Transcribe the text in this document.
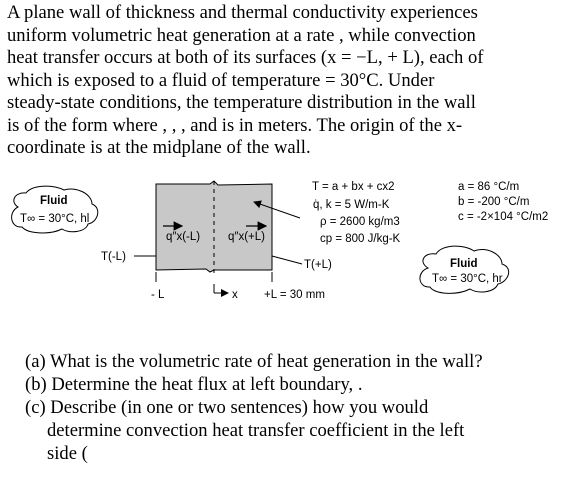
A plane wall of thickness and thermal conductivity experiences
uniform volumetric heat generation at a rate , while convection
heat transfer occurs at both of its surfaces (x = −L, + L), each of
which is exposed to a fluid of temperature = 30°C. Under
steady-state conditions, the temperature distribution in the wall
is of the form where , , , and is in meters. The origin of the x-
coordinate is at the midplane of the wall.
Fluid
T∞ = 30°C, hl
q″x(-L) q″x(+L)
T(-L)
T(+L)
- L	x +L = 30 mm
T = a + bx + cx2
q̇, k = 5 W/m-K
ρ = 2600 kg/m3
cp = 800 J/kg-K
a = 86 °C/m
b = -200 °C/m
c = -2×104 °C/m2
Fluid
T∞ = 30°C, hr
(a) What is the volumetric rate of heat generation in the wall?
(b) Determine the heat flux at left boundary, .
(c) Describe (in one or two sentences) how you would
determine convection heat transfer coefficient in the left
side (
